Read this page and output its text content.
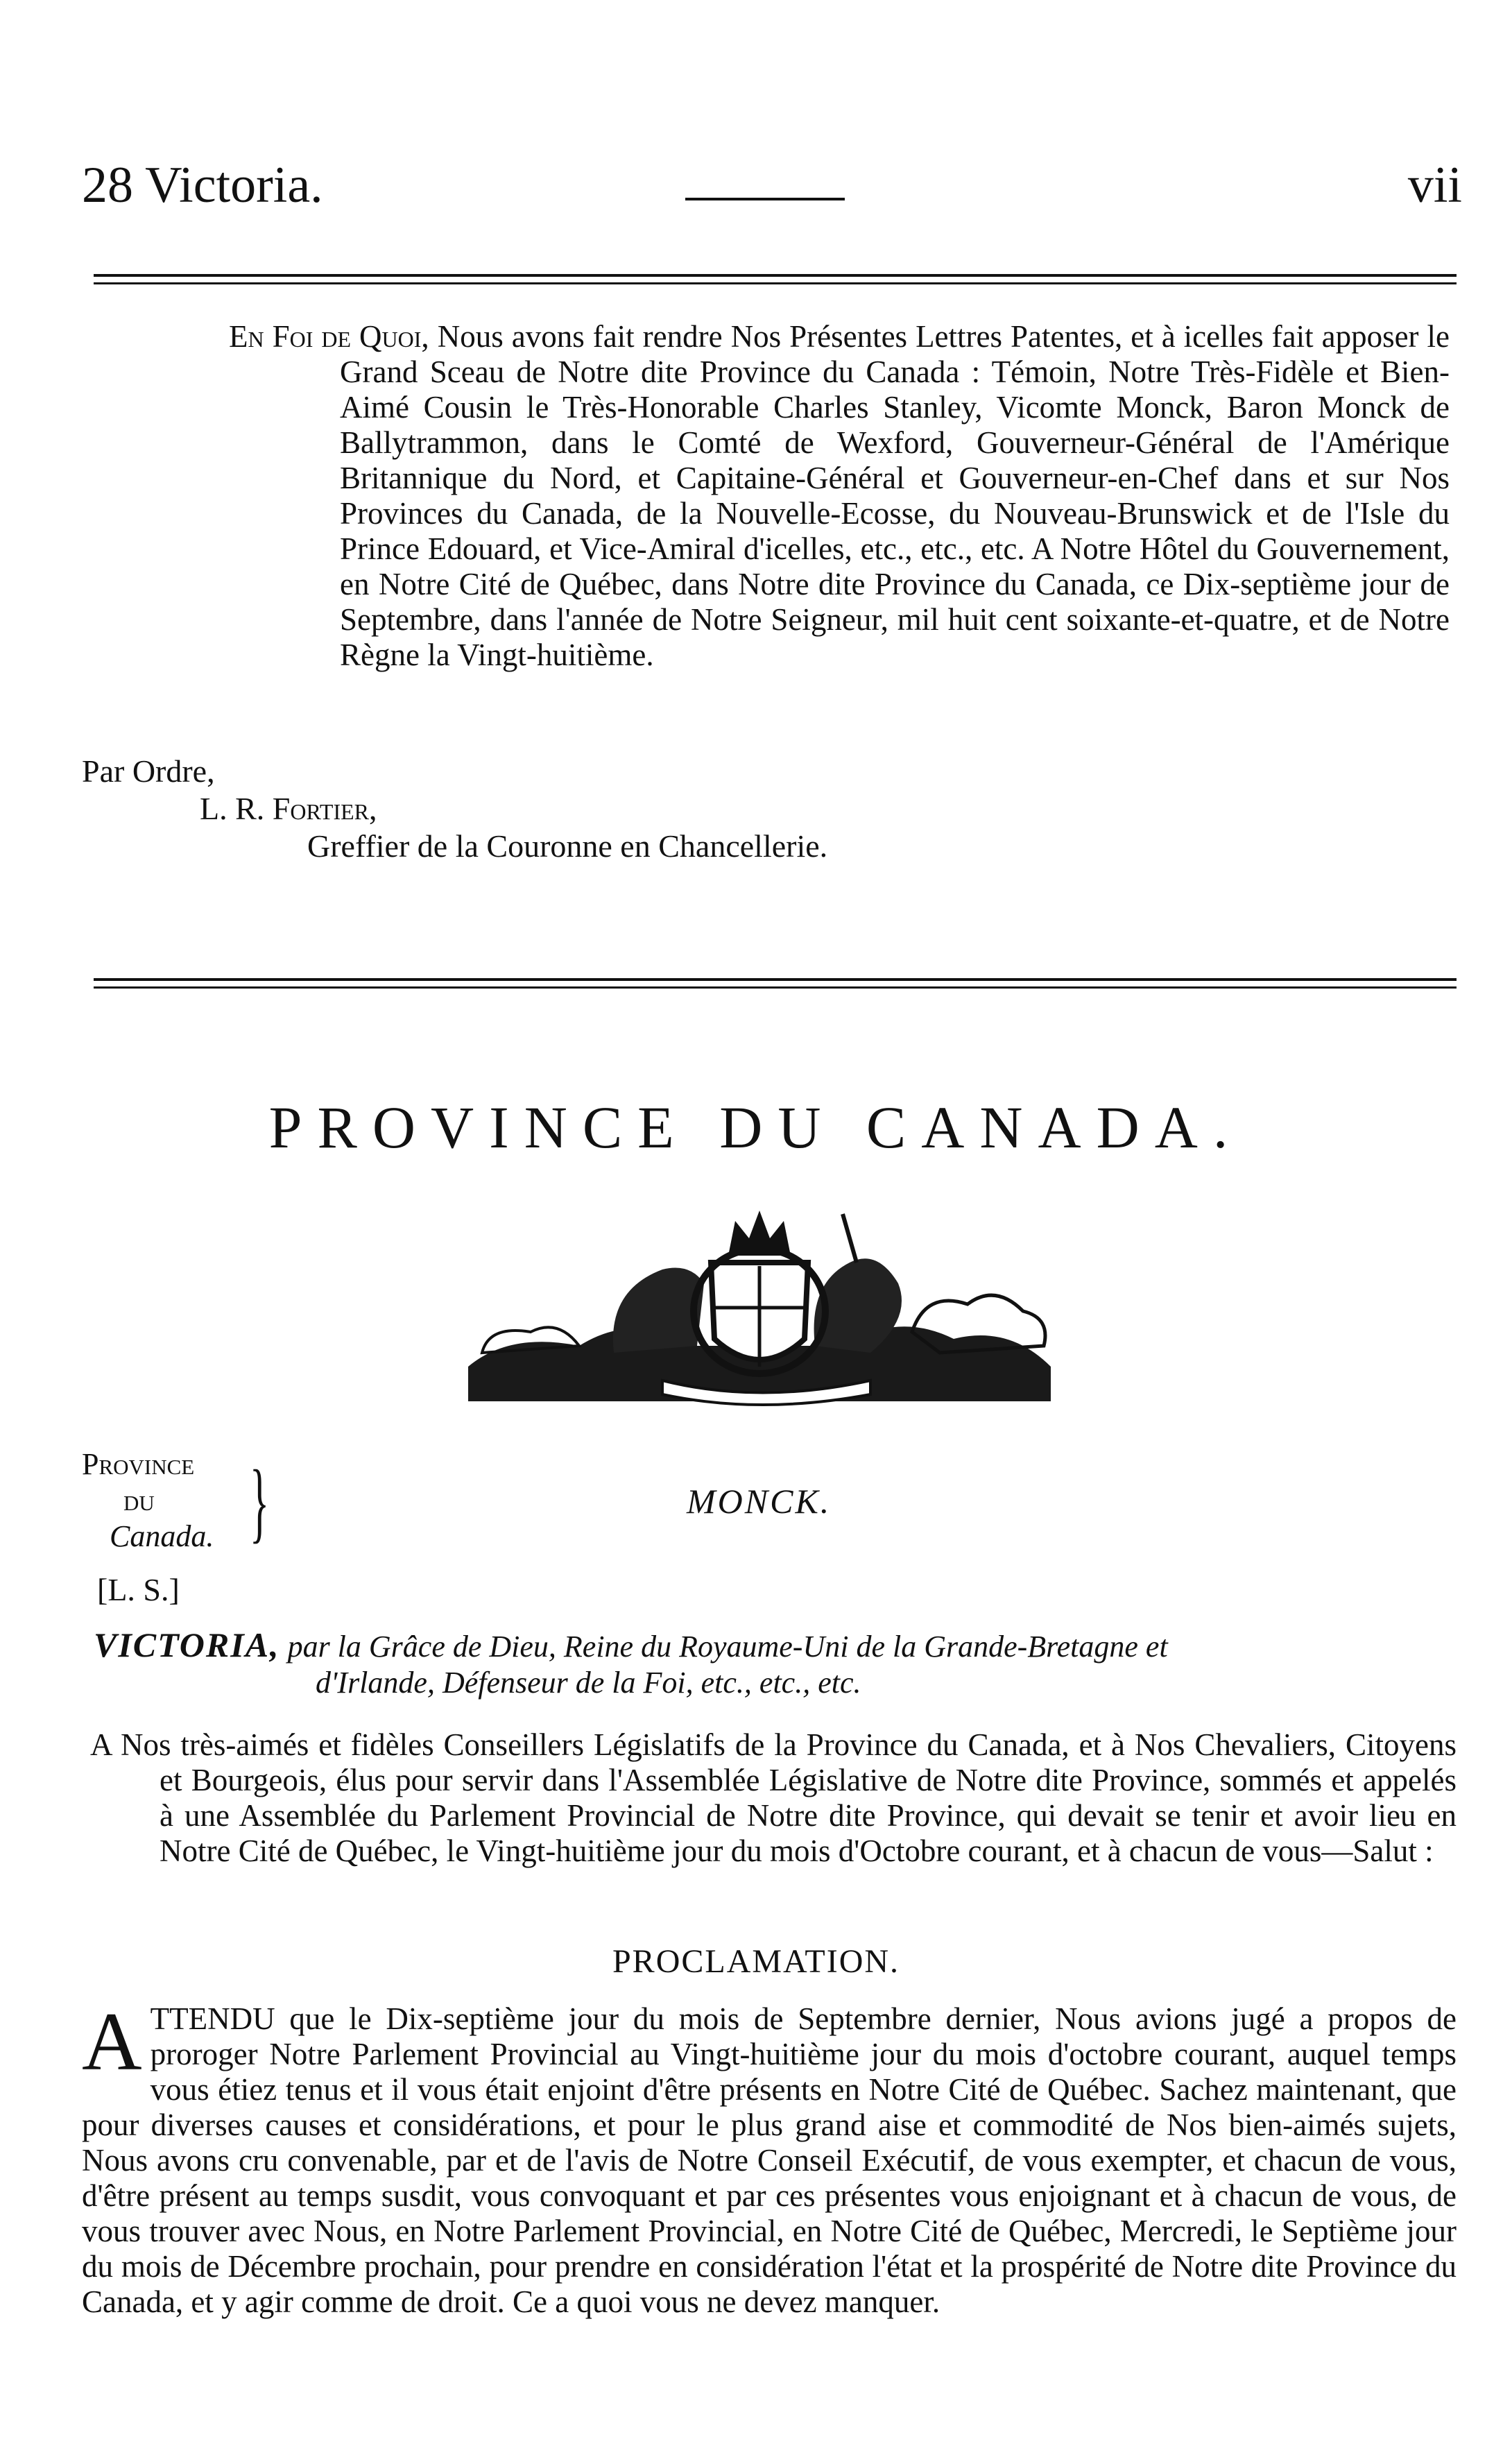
28 Victoria.	vii

En Foi de Quoi, Nous avons fait rendre Nos Présentes Lettres Patentes, et à icelles fait apposer le Grand Sceau de Notre dite Province du Canada : Témoin, Notre Très-Fidèle et Bien-Aimé Cousin le Très-Honorable Charles Stanley, Vicomte Monck, Baron Monck de Ballytrammon, dans le Comté de Wexford, Gouverneur-Général de l'Amérique Britannique du Nord, et Capitaine-Général et Gouverneur-en-Chef dans et sur Nos Provinces du Canada, de la Nouvelle-Ecosse, du Nouveau-Brunswick et de l'Isle du Prince Edouard, et Vice-Amiral d'icelles, etc., etc., etc. A Notre Hôtel du Gouvernement, en Notre Cité de Québec, dans Notre dite Province du Canada, ce Dix-septième jour de Septembre, dans l'année de Notre Seigneur, mil huit cent soixante-et-quatre, et de Notre Règne la Vingt-huitième.

Par Ordre,
L. R. Fortier,
Greffier de la Couronne en Chancellerie.
PROVINCE DU CANADA.
Province
du
Canada. }	MONCK.
[L. S.]
VICTORIA, par la Grâce de Dieu, Reine du Royaume-Uni de la Grande-Bretagne et
d'Irlande, Défenseur de la Foi, etc., etc., etc.

A Nos très-aimés et fidèles Conseillers Législatifs de la Province du Canada, et à Nos Chevaliers, Citoyens et Bourgeois, élus pour servir dans l'Assemblée Législative de Notre dite Province, sommés et appelés à une Assemblée du Parlement Provincial de Notre dite Province, qui devait se tenir et avoir lieu en Notre Cité de Québec, le Vingt-huitième jour du mois d'Octobre courant, et à chacun de vous—Salut :

PROCLAMATION.

ATTENDU que le Dix-septième jour du mois de Septembre dernier, Nous avions jugé a propos de proroger Notre Parlement Provincial au Vingt-huitième jour du mois d'octobre courant, auquel temps vous étiez tenus et il vous était enjoint d'être présents en Notre Cité de Québec. Sachez maintenant, que pour diverses causes et considérations, et pour le plus grand aise et commodité de Nos bien-aimés sujets, Nous avons cru convenable, par et de l'avis de Notre Conseil Exécutif, de vous exempter, et chacun de vous, d'être présent au temps susdit, vous convoquant et par ces présentes vous enjoignant et à chacun de vous, de vous trouver avec Nous, en Notre Parlement Provincial, en Notre Cité de Québec, Mercredi, le Septième jour du mois de Décembre prochain, pour prendre en considération l'état et la prospérité de Notre dite Province du Canada, et y agir comme de droit. Ce a quoi vous ne devez manquer.
